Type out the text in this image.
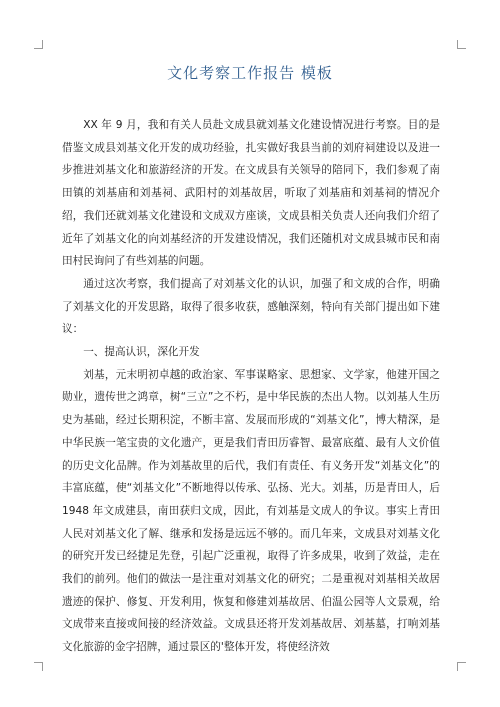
文化考察工作报告 模板

XX 年 9 月，我和有关人员赴文成县就刘基文化建设情况进行考察。目的是借鉴文成县刘基文化开发的成功经验，扎实做好我县当前的刘府祠建设以及进一步推进刘基文化和旅游经济的开发。在文成县有关领导的陪同下，我们参观了南田镇的刘基庙和刘基祠、武阳村的刘基故居，听取了刘基庙和刘基祠的情况介绍，我们还就刘基文化建设和文成双方座谈，文成县相关负责人还向我们介绍了近年了刘基文化的向刘基经济的开发建设情况，我们还随机对文成县城市民和南田村民询问了有些刘基的问题。

通过这次考察，我们提高了对刘基文化的认识，加强了和文成的合作，明确了刘基文化的开发思路，取得了很多收获，感触深刻，特向有关部门提出如下建议：

一、提高认识，深化开发

刘基，元末明初卓越的政治家、军事谋略家、思想家、文学家，他建开国之勋业，遗传世之鸿章，树“三立”之不朽，是中华民族的杰出人物。以刘基人生历史为基础，经过长期积淀，不断丰富、发展而形成的“刘基文化”，博大精深，是中华民族一笔宝贵的文化遗产，更是我们青田历睿智、最富底蕴、最有人文价值的历史文化品牌。作为刘基故里的后代，我们有责任、有义务开发“刘基文化”的丰富底蕴，使“刘基文化”不断地得以传承、弘扬、光大。刘基，历是青田人，后 1948 年文成建县，南田获归文成，因此，有刘基是文成人的争议。事实上青田人民对刘基文化了解、继承和发扬是远远不够的。而几年来，文成县对刘基文化的研究开发已经捷足先登，引起广泛重视，取得了许多成果，收到了效益，走在我们的前列。他们的做法一是注重对刘基文化的研究；二是重视对刘基相关故居遗迹的保护、修复、开发利用，恢复和修建刘基故居、伯温公园等人文景观，给文成带来直接或间接的经济效益。文成县还将开发刘基故居、刘基墓，打响刘基文化旅游的金字招牌，通过景区的'整体开发，将使经济效
